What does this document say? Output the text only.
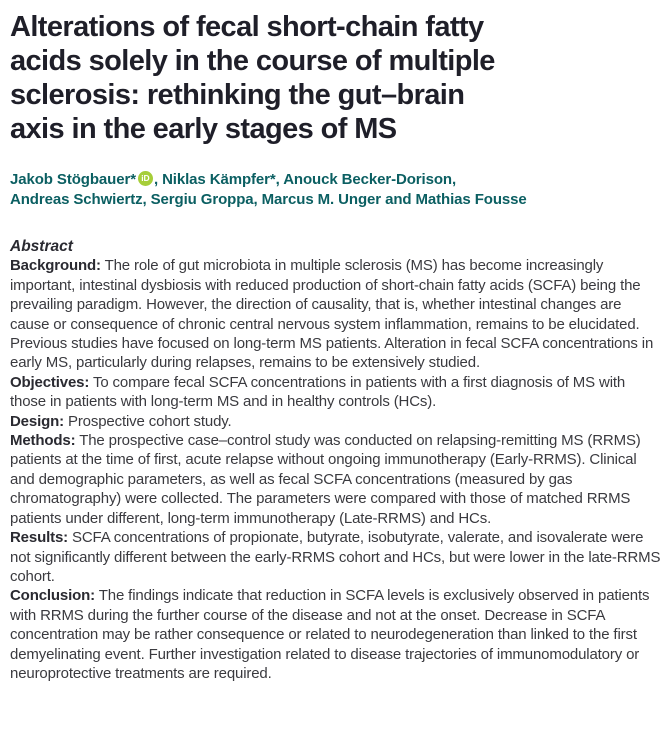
Alterations of fecal short-chain fatty
acids solely in the course of multiple
sclerosis: rethinking the gut–brain
axis in the early stages of MS

Jakob Stögbauer* iD , Niklas Kämpfer*, Anouck Becker-Dorison,
Andreas Schwiertz, Sergiu Groppa, Marcus M. Unger and Mathias Fousse

Abstract

Background: The role of gut microbiota in multiple sclerosis (MS) has become increasingly important, intestinal dysbiosis with reduced production of short-chain fatty acids (SCFA) being the prevailing paradigm. However, the direction of causality, that is, whether intestinal changes are cause or consequence of chronic central nervous system inflammation, remains to be elucidated. Previous studies have focused on long-term MS patients. Alteration in fecal SCFA concentrations in early MS, particularly during relapses, remains to be extensively studied.

Objectives: To compare fecal SCFA concentrations in patients with a first diagnosis of MS with those in patients with long-term MS and in healthy controls (HCs).

Design: Prospective cohort study.

Methods: The prospective case–control study was conducted on relapsing-remitting MS (RRMS) patients at the time of first, acute relapse without ongoing immunotherapy (Early-RRMS). Clinical and demographic parameters, as well as fecal SCFA concentrations (measured by gas chromatography) were collected. The parameters were compared with those of matched RRMS patients under different, long-term immunotherapy (Late-RRMS) and HCs.

Results: SCFA concentrations of propionate, butyrate, isobutyrate, valerate, and isovalerate were not significantly different between the early-RRMS cohort and HCs, but were lower in the late-RRMS cohort.

Conclusion: The findings indicate that reduction in SCFA levels is exclusively observed in patients with RRMS during the further course of the disease and not at the onset. Decrease in SCFA concentration may be rather consequence or related to neurodegeneration than linked to the first demyelinating event. Further investigation related to disease trajectories of immunomodulatory or neuroprotective treatments are required.
